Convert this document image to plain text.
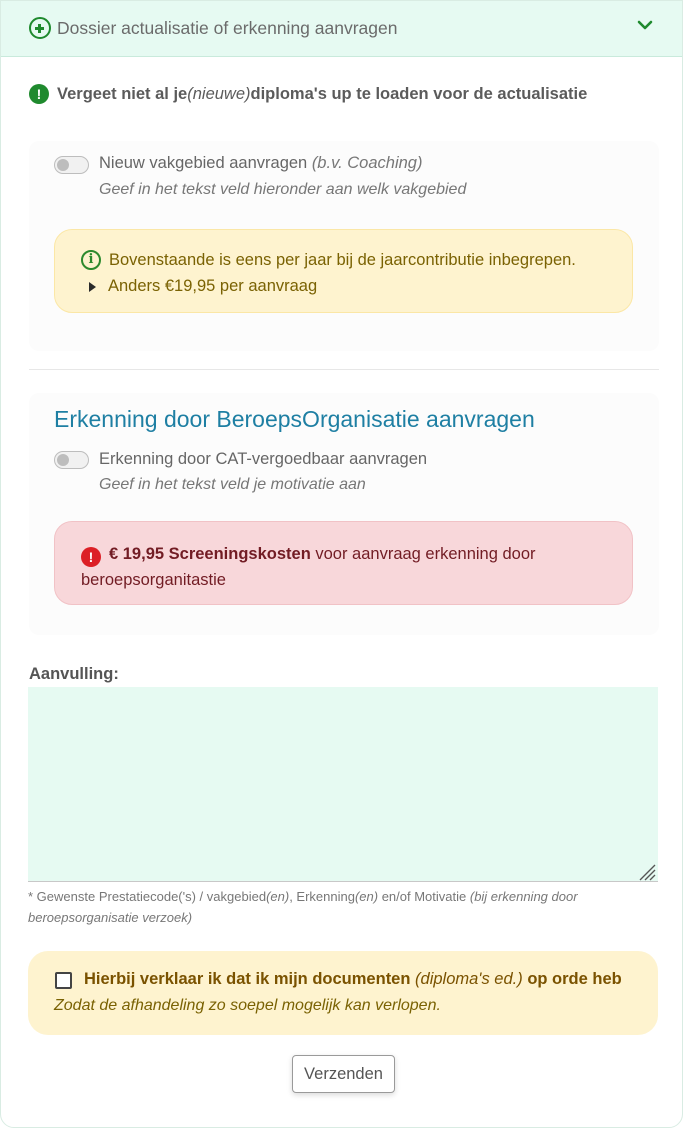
Dossier actualisatie of erkenning aanvragen
! Vergeet niet al je (nieuwe) diploma's up te loaden voor de actualisatie
Nieuw vakgebied aanvragen (b.v. Coaching)
Geef in het tekst veld hieronder aan welk vakgebied
i Bovenstaande is eens per jaar bij de jaarcontributie inbegrepen.
Anders €19,95 per aanvraag
Erkenning door BeroepsOrganisatie aanvragen
Erkenning door CAT-vergoedbaar aanvragen
Geef in het tekst veld je motivatie aan
! € 19,95 Screeningskosten voor aanvraag erkenning door beroepsorganitastie
Aanvulling:
* Gewenste Prestatiecode('s) / vakgebied(en), Erkenning(en) en/of Motivatie (bij erkenning door beroepsorganisatie verzoek)
Hierbij verklaar ik dat ik mijn documenten (diploma's ed.) op orde heb
Zodat de afhandeling zo soepel mogelijk kan verlopen.
Verzenden
